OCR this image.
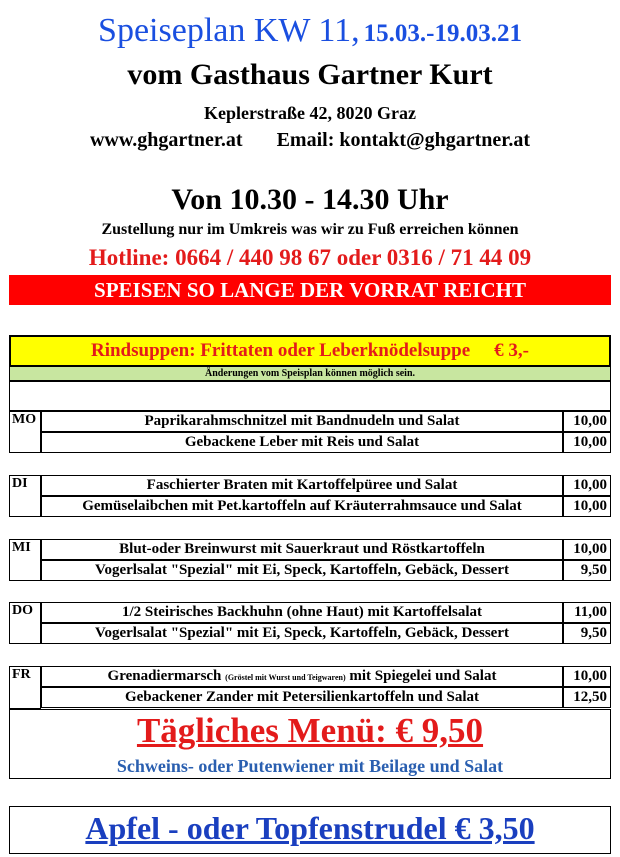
Speiseplan KW 11, 15.03.-19.03.21
vom Gasthaus Gartner Kurt
Keplerstraße 42, 8020 Graz
www.ghgartner.at Email: kontakt@ghgartner.at
Von 10.30 - 14.30 Uhr
Zustellung nur im Umkreis was wir zu Fuß erreichen können
Hotline: 0664 / 440 98 67 oder 0316 / 71 44 09
SPEISEN SO LANGE DER VORRAT REICHT
Rindsuppen: Frittaten oder Leberknödelsuppe € 3,-
Änderungen vom Speisplan können möglich sein.
MO	Paprikarahmschnitzel mit Bandnudeln und Salat	10,00
Gebackene Leber mit Reis und Salat	10,00
DI	Faschierter Braten mit Kartoffelpüree und Salat	10,00
Gemüselaibchen mit Pet.kartoffeln auf Kräuterrahmsauce und Salat	10,00
MI	Blut-oder Breinwurst mit Sauerkraut und Röstkartoffeln	10,00
Vogerlsalat "Spezial" mit Ei, Speck, Kartoffeln, Gebäck, Dessert	9,50
DO	1/2 Steirisches Backhuhn (ohne Haut) mit Kartoffelsalat	11,00
Vogerlsalat "Spezial" mit Ei, Speck, Kartoffeln, Gebäck, Dessert	9,50
FR	Grenadiermarsch (Gröstel mit Wurst und Teigwaren) mit Spiegelei und Salat	10,00
Gebackener Zander mit Petersilienkartoffeln und Salat	12,50
Tägliches Menü: € 9,50
Schweins- oder Putenwiener mit Beilage und Salat
Apfel - oder Topfenstrudel € 3,50
